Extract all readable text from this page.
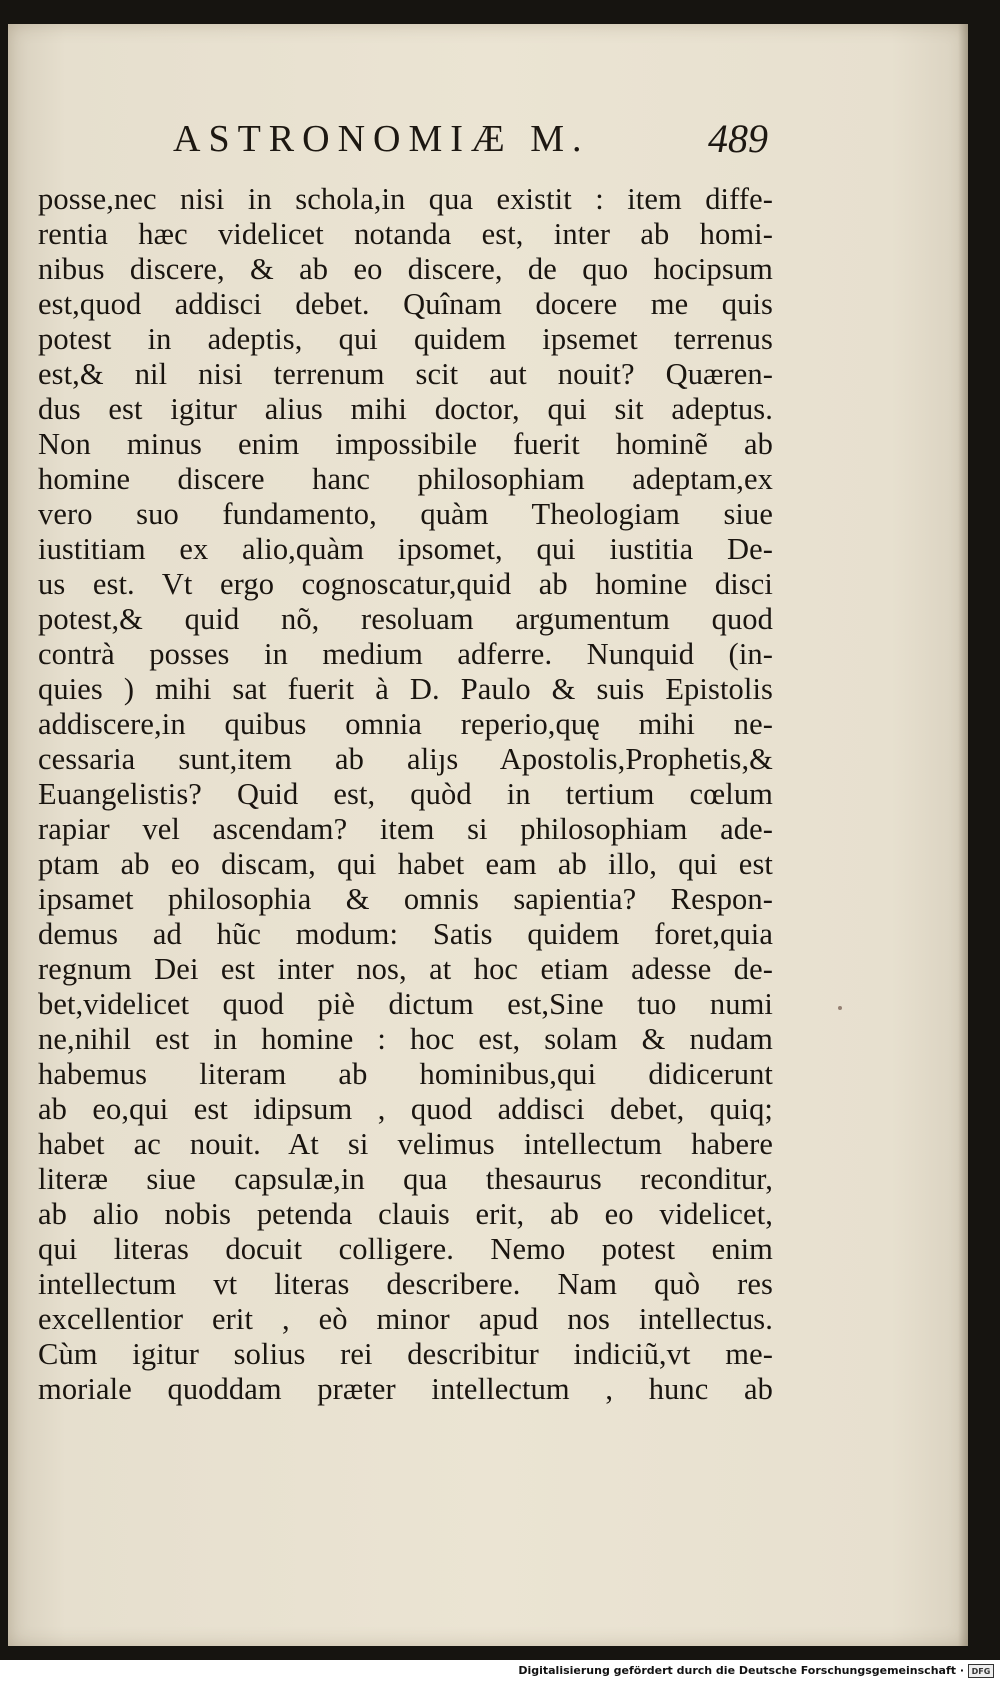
ASTRONOMIÆ M.	489
posse,nec nisi in schola,in qua existit : item diffe-
rentia hæc videlicet notanda est, inter ab homi-
nibus discere, & ab eo discere, de quo hocipsum
est,quod addisci debet. Quînam docere me quis
potest in adeptis, qui quidem ipsemet terrenus
est,& nil nisi terrenum scit aut nouit? Quæren-
dus est igitur alius mihi doctor, qui sit adeptus.
Non minus enim impossibile fuerit hominẽ ab
homine discere hanc philosophiam adeptam,ex
vero suo fundamento, quàm Theologiam siue
iustitiam ex alio,quàm ipsomet, qui iustitia De-
us est. Vt ergo cognoscatur,quid ab homine disci
potest,& quid nõ, resoluam argumentum quod
contrà posses in medium adferre. Nunquid (in-
quies ) mihi sat fuerit à D. Paulo & suis Epistolis
addiscere,in quibus omnia reperio,quę mihi ne-
cessaria sunt,item ab aliȷs Apostolis,Prophetis,&
Euangelistis? Quid est, quòd in tertium cœlum
rapiar vel ascendam? item si philosophiam ade-
ptam ab eo discam, qui habet eam ab illo, qui est
ipsamet philosophia & omnis sapientia? Respon-
demus ad hũc modum: Satis quidem foret,quia
regnum Dei est inter nos, at hoc etiam adesse de-
bet,videlicet quod piè dictum est,Sine tuo numi
ne,nihil est in homine : hoc est, solam & nudam
habemus literam ab hominibus,qui didicerunt
ab eo,qui est idipsum , quod addisci debet, quiq;
habet ac nouit. At si velimus intellectum habere
literæ siue capsulæ,in qua thesaurus reconditur,
ab alio nobis petenda clauis erit, ab eo videlicet,
qui literas docuit colligere. Nemo potest enim
intellectum vt literas describere. Nam quò res
excellentior erit , eò minor apud nos intellectus.
Cùm igitur solius rei describitur indiciũ,vt me-
moriale quoddam præter intellectum , hunc ab
Digitalisierung gefördert durch die Deutsche Forschungsgemeinschaft · DFG
